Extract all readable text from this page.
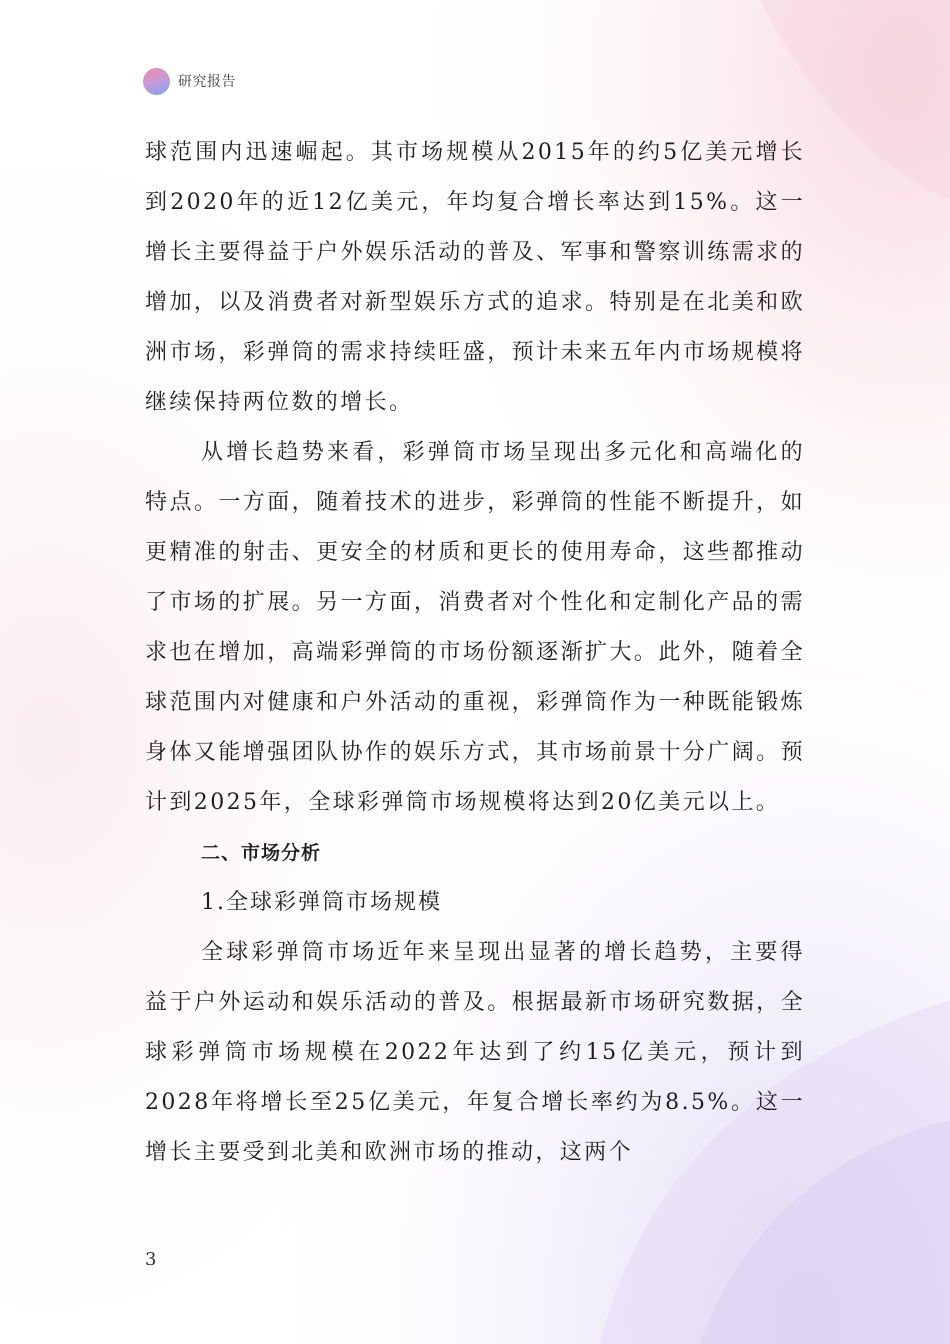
研究报告

球范围内迅速崛起。其市场规模从2015年的约5亿美元增长到2020年的近12亿美元，年均复合增长率达到15%。这一增长主要得益于户外娱乐活动的普及、军事和警察训练需求的增加，以及消费者对新型娱乐方式的追求。特别是在北美和欧洲市场，彩弹筒的需求持续旺盛，预计未来五年内市场规模将继续保持两位数的增长。

从增长趋势来看，彩弹筒市场呈现出多元化和高端化的特点。一方面，随着技术的进步，彩弹筒的性能不断提升，如更精准的射击、更安全的材质和更长的使用寿命，这些都推动了市场的扩展。另一方面，消费者对个性化和定制化产品的需求也在增加，高端彩弹筒的市场份额逐渐扩大。此外，随着全球范围内对健康和户外活动的重视，彩弹筒作为一种既能锻炼身体又能增强团队协作的娱乐方式，其市场前景十分广阔。预计到2025年，全球彩弹筒市场规模将达到20亿美元以上。

二、市场分析

1.全球彩弹筒市场规模

全球彩弹筒市场近年来呈现出显著的增长趋势，主要得益于户外运动和娱乐活动的普及。根据最新市场研究数据，全球彩弹筒市场规模在2022年达到了约15亿美元，预计到2028年将增长至25亿美元，年复合增长率约为8.5%。这一增长主要受到北美和欧洲市场的推动，这两个

3
